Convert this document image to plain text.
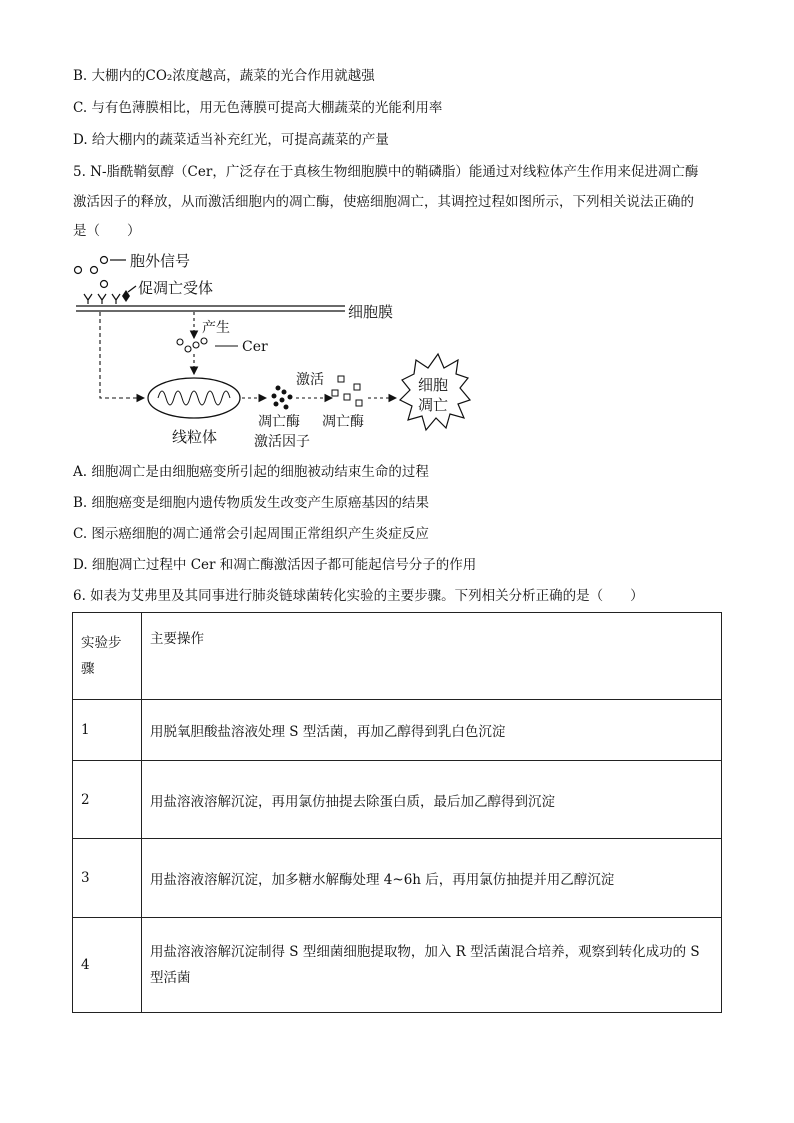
B. 大棚内的CO₂浓度越高，蔬菜的光合作用就越强
C. 与有色薄膜相比，用无色薄膜可提高大棚蔬菜的光能利用率
D. 给大棚内的蔬菜适当补充红光，可提高蔬菜的产量
5. N-脂酰鞘氨醇（Cer，广泛存在于真核生物细胞膜中的鞘磷脂）能通过对线粒体产生作用来促进凋亡酶
激活因子的释放，从而激活细胞内的凋亡酶，使癌细胞凋亡，其调控过程如图所示，下列相关说法正确的
是（　　）
胞外信号
促凋亡受体
细胞膜
产生
Cer
线粒体
凋亡酶
激活因子
激活
凋亡酶
细胞
凋亡
A. 细胞凋亡是由细胞癌变所引起的细胞被动结束生命的过程
B. 细胞癌变是细胞内遗传物质发生改变产生原癌基因的结果
C. 图示癌细胞的凋亡通常会引起周围正常组织产生炎症反应
D. 细胞凋亡过程中 Cer 和凋亡酶激活因子都可能起信号分子的作用
6. 如表为艾弗里及其同事进行肺炎链球菌转化实验的主要步骤。下列相关分析正确的是（　　）
实验步
骤	主要操作
1	用脱氧胆酸盐溶液处理 S 型活菌，再加乙醇得到乳白色沉淀
2	用盐溶液溶解沉淀，再用氯仿抽提去除蛋白质，最后加乙醇得到沉淀
3	用盐溶液溶解沉淀，加多糖水解酶处理 4~6h 后，再用氯仿抽提并用乙醇沉淀
4	用盐溶液溶解沉淀制得 S 型细菌细胞提取物，加入 R 型活菌混合培养，观察到转化成功的 S
型活菌
